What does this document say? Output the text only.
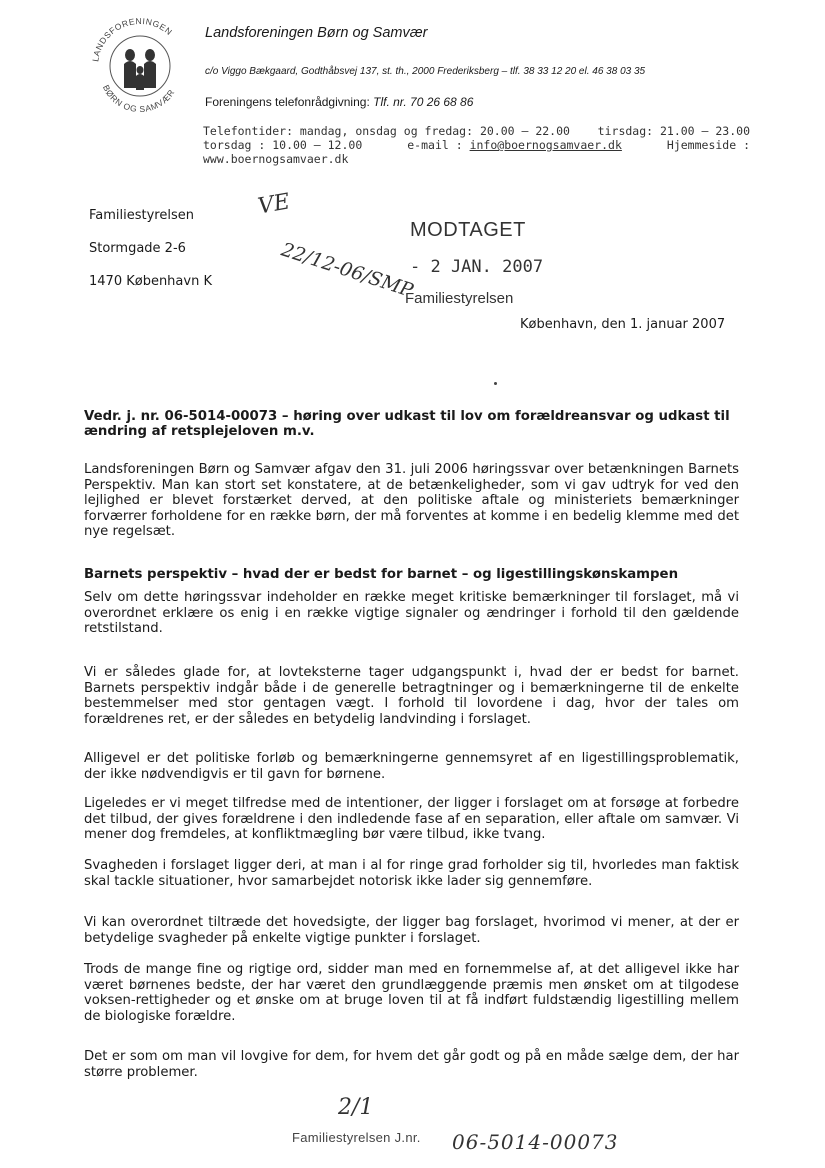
LANDSFORENINGEN
BØRN OG SAMVÆR
Landsforeningen Børn og Samvær
c/o Viggo Bækgaard, Godthåbsvej 137, st. th., 2000 Frederiksberg – tlf. 38 33 12 20 el. 46 38 03 35
Foreningens telefonrådgivning: Tlf. nr. 70 26 68 86
Telefontider: mandag, onsdag og fredag: 20.00 – 22.00 tirsdag: 21.00 – 23.00
torsdag : 10.00 – 12.00	e-mail : info@boernogsamvaer.dk	Hjemmeside :
www.boernogsamvaer.dk
Familiestyrelsen
Stormgade 2-6
1470 København K
VE
22/12-06/SMP
MODTAGET
- 2 JAN. 2007
Familiestyrelsen
København, den 1. januar 2007
Vedr. j. nr. 06-5014-00073 – høring over udkast til lov om forældreansvar og udkast til ændring af retsplejeloven m.v.
Landsforeningen Børn og Samvær afgav den 31. juli 2006 høringssvar over betænkningen Barnets Perspektiv. Man kan stort set konstatere, at de betænkeligheder, som vi gav udtryk for ved den lejlighed er blevet forstærket derved, at den politiske aftale og ministeriets bemærkninger forværrer forholdene for en række børn, der må forventes at komme i en bedelig klemme med det nye regelsæt.
Barnets perspektiv – hvad der er bedst for barnet – og ligestillingskønskampen
Selv om dette høringssvar indeholder en række meget kritiske bemærkninger til forslaget, må vi overordnet erklære os enig i en række vigtige signaler og ændringer i forhold til den gældende retstilstand.
Vi er således glade for, at lovteksterne tager udgangspunkt i, hvad der er bedst for barnet. Barnets perspektiv indgår både i de generelle betragtninger og i bemærkningerne til de enkelte bestemmelser med stor gentagen vægt. I forhold til lovordene i dag, hvor der tales om forældrenes ret, er der således en betydelig landvinding i forslaget.
Alligevel er det politiske forløb og bemærkningerne gennemsyret af en ligestillingsproblematik, der ikke nødvendigvis er til gavn for børnene.
Ligeledes er vi meget tilfredse med de intentioner, der ligger i forslaget om at forsøge at forbedre det tilbud, der gives forældrene i den indledende fase af en separation, eller aftale om samvær. Vi mener dog fremdeles, at konfliktmægling bør være tilbud, ikke tvang.
Svagheden i forslaget ligger deri, at man i al for ringe grad forholder sig til, hvorledes man faktisk skal tackle situationer, hvor samarbejdet notorisk ikke lader sig gennemføre.
Vi kan overordnet tiltræde det hovedsigte, der ligger bag forslaget, hvorimod vi mener, at der er betydelige svagheder på enkelte vigtige punkter i forslaget.
Trods de mange fine og rigtige ord, sidder man med en fornemmelse af, at det alligevel ikke har været børnenes bedste, der har været den grundlæggende præmis men ønsket om at tilgodese voksen-rettigheder og et ønske om at bruge loven til at få indført fuldstændig ligestilling mellem de biologiske forældre.
Det er som om man vil lovgive for dem, for hvem det går godt og på en måde sælge dem, der har større problemer.
2/1
Familiestyrelsen J.nr. 06-5014-00073
